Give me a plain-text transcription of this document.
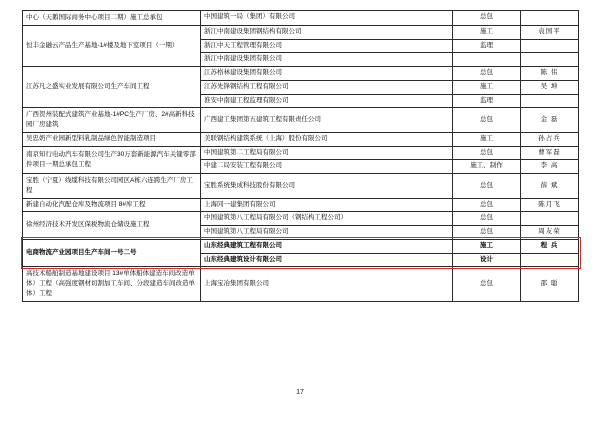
中心（天鹅国际商务中心项目二期）施工总承包	中国建筑一局（集团）有限公司	总包	
恒丰金融云产品生产基地-1#楼及地下室项目（一期）	浙江中南建设集团钢结构有限公司	施工	袁国平
	浙江中天工程管理有限公司	监理	
	浙江中南建设集团有限公司		
江苏凡之盛实业发展有限公司生产车间工程	江苏格林建设集团有限公司	总包	陈 伟
	江苏先锋钢结构工程有限公司	施工	吴 坤
	淮安中南建工程监理有限公司	监理	
广西贺州装配式建筑产业基地-1#PC生产厂房、2#高新科技园厂房建筑	广西建工集团第五建筑工程有限责任公司	总包	金 磊
吴忠奶产业园新型料乳制品绿色智能制造项目	美联钢结构建筑系统（上海）股份有限公司	施工	孙占兵
南京知行电动汽车有限公司生产30万套新能源汽车关键零部件项目一期总承包工程	中国建筑第二工程局有限公司	总包	曹军磊
	中建二局安装工程有限公司	施工、制作	李 高
宝胜（宁夏）线缆科技有限公司园区A栋六连跨生产厂房工程	宝胜系统集成科技股份有限公司	总包	薛 斌
新建自动化汽配仓库及物流项目 8#库工程	上海同一建集团有限公司	总包	陈月飞
徐州经济技术开发区保税物流仓储设施工程	中国建筑第八工程局有限公司（钢结构工程公司）	总包	
	中国建筑第八工程局有限公司	总包	周友荣
电商物流产业园项目生产车间一号二号	山东经典建筑工程有限公司	施工	程 兵
	山东经典建筑设计有限公司	设计	
高技术船舶制造基地建设项目 13#单体船体建造车间改造单体）工程（高强度钢材切割加工车间、分段建造车间改造单体）工程	上海宝冶集团有限公司	总包	邵 聪
17
